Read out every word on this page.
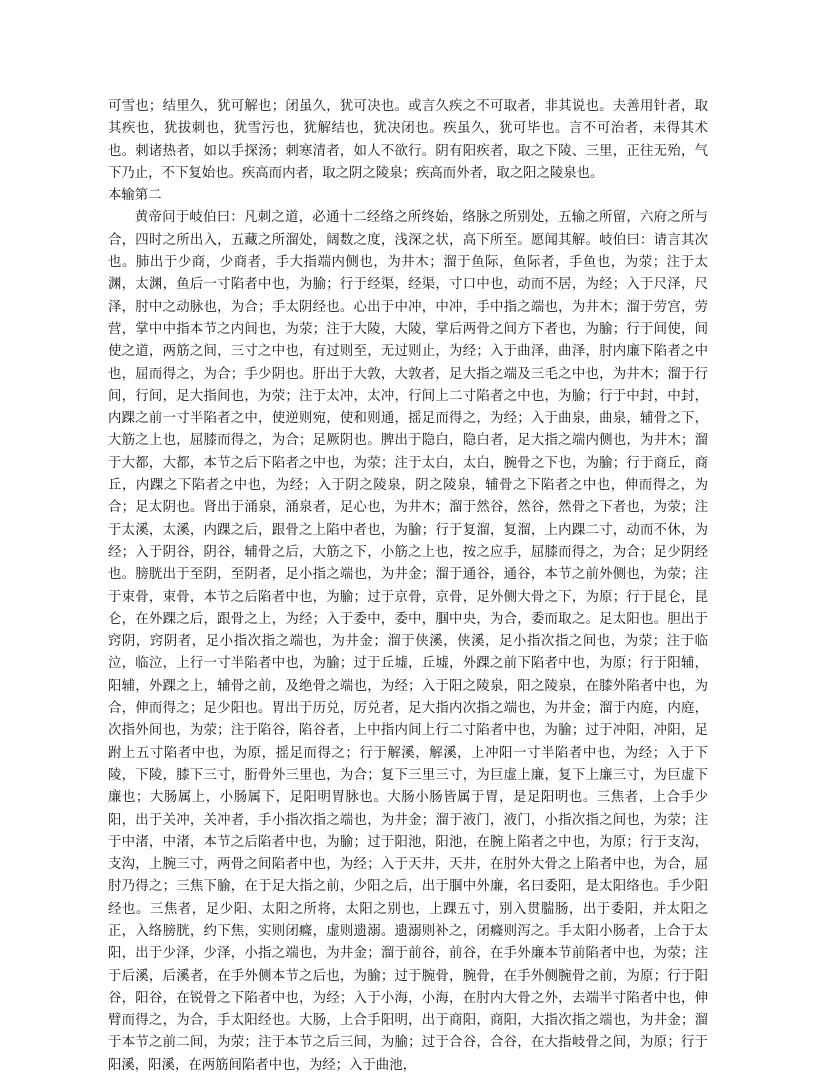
可雪也；结里久，犹可解也；闭虽久，犹可决也。或言久疾之不可取者，非其说也。夫善用针者，取其疾也，犹拔刺也，犹雪污也，犹解结也，犹决闭也。疾虽久，犹可毕也。言不可治者，未得其术也。刺诸热者，如以手探汤；刺寒清者，如人不欲行。阴有阳疾者，取之下陵、三里，正往无殆，气下乃止，不下复始也。疾高而内者，取之阴之陵泉；疾高而外者，取之阳之陵泉也。

本输第二

黄帝问于岐伯曰：凡刺之道，必通十二经络之所终始，络脉之所别处，五输之所留，六府之所与合，四时之所出入，五藏之所溜处，阔数之度，浅深之状，高下所至。愿闻其解。岐伯曰：请言其次也。肺出于少商，少商者，手大指端内侧也，为井木；溜于鱼际，鱼际者，手鱼也，为荥；注于太渊，太渊，鱼后一寸陷者中也，为腧；行于经渠，经渠，寸口中也，动而不居，为经；入于尺泽，尺泽，肘中之动脉也，为合；手太阴经也。心出于中冲，中冲，手中指之端也，为井木；溜于劳宫，劳营，掌中中指本节之内间也，为荥；注于大陵，大陵，掌后两骨之间方下者也，为腧；行于间使，间使之道，两筋之间，三寸之中也，有过则至，无过则止，为经；入于曲泽，曲泽，肘内廉下陷者之中也，屈而得之，为合；手少阴也。肝出于大敦，大敦者，足大指之端及三毛之中也，为井木；溜于行间，行间，足大指间也，为荥；注于太冲，太冲，行间上二寸陷者之中也，为腧；行于中封，中封，内踝之前一寸半陷者之中，使逆则宛，使和则通，摇足而得之，为经；入于曲泉，曲泉，辅骨之下，大筋之上也，屈膝而得之，为合；足厥阴也。脾出于隐白，隐白者，足大指之端内侧也，为井木；溜于大都，大都，本节之后下陷者之中也，为荥；注于太白，太白，腕骨之下也，为腧；行于商丘，商丘，内踝之下陷者之中也，为经；入于阴之陵泉，阴之陵泉，辅骨之下陷者之中也，伸而得之，为合；足太阴也。肾出于涌泉，涌泉者，足心也，为井木；溜于然谷，然谷，然骨之下者也，为荥；注于太溪，太溪，内踝之后，跟骨之上陷中者也，为腧；行于复溜，复溜，上内踝二寸，动而不休，为经；入于阴谷，阴谷，辅骨之后，大筋之下，小筋之上也，按之应手，屈膝而得之，为合；足少阴经也。膀胱出于至阴，至阴者，足小指之端也，为井金；溜于通谷，通谷，本节之前外侧也，为荥；注于束骨，束骨，本节之后陷者中也，为腧；过于京骨，京骨，足外侧大骨之下，为原；行于昆仑，昆仑，在外踝之后，跟骨之上，为经；入于委中，委中，腘中央，为合，委而取之。足太阳也。胆出于窍阴，窍阴者，足小指次指之端也，为井金；溜于侠溪，侠溪，足小指次指之间也，为荥；注于临泣，临泣，上行一寸半陷者中也，为腧；过于丘墟，丘墟，外踝之前下陷者中也，为原；行于阳辅，阳辅，外踝之上，辅骨之前，及绝骨之端也，为经；入于阳之陵泉，阳之陵泉，在膝外陷者中也，为合，伸而得之；足少阳也。胃出于历兑，厉兑者，足大指内次指之端也，为井金；溜于内庭，内庭，次指外间也，为荥；注于陷谷，陷谷者，上中指内间上行二寸陷者中也，为腧；过于冲阳，冲阳，足跗上五寸陷者中也，为原，摇足而得之；行于解溪，解溪，上冲阳一寸半陷者中也，为经；入于下陵，下陵，膝下三寸，胻骨外三里也，为合；复下三里三寸，为巨虚上廉，复下上廉三寸，为巨虚下廉也；大肠属上，小肠属下，足阳明胃脉也。大肠小肠皆属于胃，是足阳明也。三焦者，上合手少阳，出于关冲，关冲者，手小指次指之端也，为井金；溜于液门，液门，小指次指之间也，为荥；注于中渚，中渚，本节之后陷者中也，为腧；过于阳池，阳池，在腕上陷者之中也，为原；行于支沟，支沟，上腕三寸，两骨之间陷者中也，为经；入于天井，天井，在肘外大骨之上陷者中也，为合，屈肘乃得之；三焦下腧，在于足大指之前，少阳之后，出于腘中外廉，名曰委阳，是太阳络也。手少阳经也。三焦者，足少阳、太阳之所将，太阳之别也，上踝五寸，别入贯腨肠，出于委阳，并太阳之正，入络膀胱，约下焦，实则闭癃，虚则遗溺。遗溺则补之，闭癃则泻之。手太阳小肠者，上合于太阳，出于少泽，少泽，小指之端也，为井金；溜于前谷，前谷，在手外廉本节前陷者中也，为荥；注于后溪，后溪者，在手外侧本节之后也，为腧；过于腕骨，腕骨，在手外侧腕骨之前，为原；行于阳谷，阳谷，在锐骨之下陷者中也，为经；入于小海，小海，在肘内大骨之外，去端半寸陷者中也，伸臂而得之，为合，手太阳经也。大肠，上合手阳明，出于商阳，商阳，大指次指之端也，为井金；溜于本节之前二间，为荥；注于本节之后三间，为腧；过于合谷，合谷，在大指岐骨之间，为原；行于阳溪，阳溪，在两筋间陷者中也，为经；入于曲池，
